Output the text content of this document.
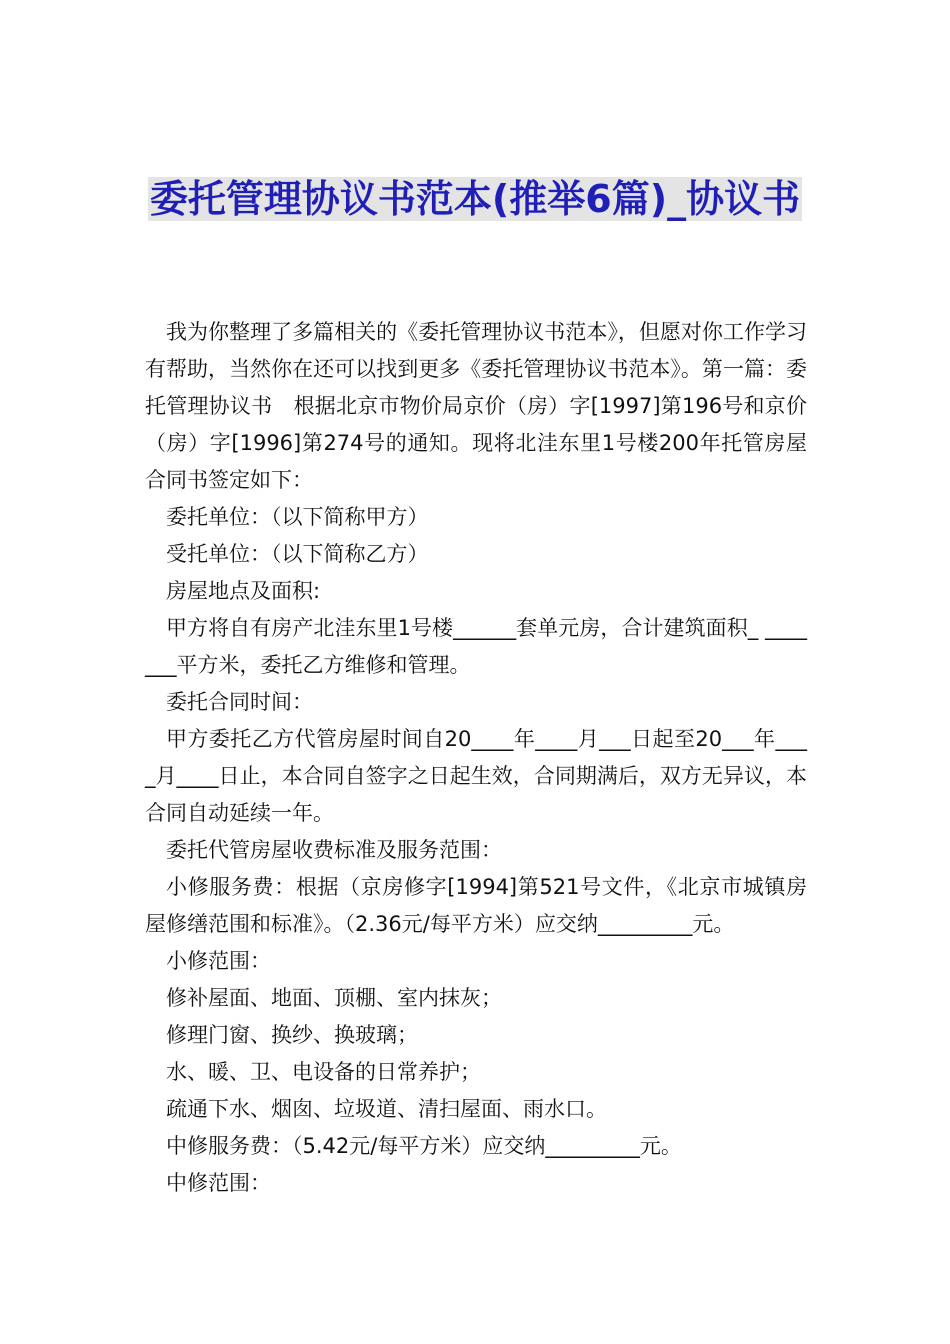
委托管理协议书范本(推举6篇)_协议书

我为你整理了多篇相关的《委托管理协议书范本》，但愿对你工作学习有帮助，当然你在还可以找到更多《委托管理协议书范本》。第一篇：委托管理协议书　根据北京市物价局京价（房）字[1997]第196号和京价（房）字[1996]第274号的通知。现将北洼东里1号楼200年托管房屋合同书签定如下：

委托单位：（以下简称甲方）

受托单位：（以下简称乙方）

房屋地点及面积:

甲方将自有房产北洼东里1号楼______套单元房，合计建筑面积_ _______平方米，委托乙方维修和管理。

委托合同时间：

甲方委托乙方代管房屋时间自20____年____月___日起至20___年____月____日止，本合同自签字之日起生效，合同期满后，双方无异议，本合同自动延续一年。

委托代管房屋收费标准及服务范围：

小修服务费：根据（京房修字[1994]第521号文件，《北京市城镇房屋修缮范围和标准》。（2.36元/每平方米）应交纳_________元。

小修范围：

修补屋面、地面、顶棚、室内抹灰；

修理门窗、换纱、换玻璃；

水、暖、卫、电设备的日常养护；

疏通下水、烟囱、垃圾道、清扫屋面、雨水口。

中修服务费：（5.42元/每平方米）应交纳_________元。

中修范围：
